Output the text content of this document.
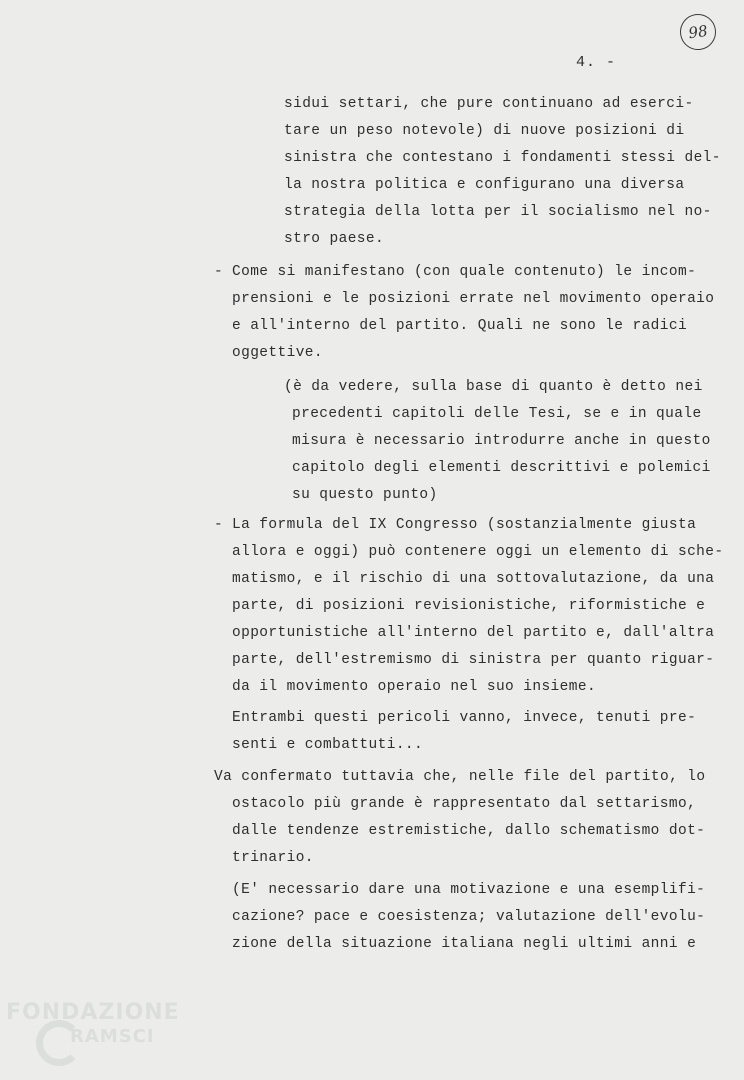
98
4. -
sidui settari, che pure continuano ad eserci-
tare un peso notevole) di nuove posizioni di
sinistra che contestano i fondamenti stessi del-
la nostra politica e configurano una diversa
strategia della lotta per il socialismo nel no-
stro paese.
- Come si manifestano (con quale contenuto) le incom-
prensioni e le posizioni errate nel movimento operaio
e all'interno del partito. Quali ne sono le radici
oggettive.
(è da vedere, sulla base di quanto è detto nei
precedenti capitoli delle Tesi, se e in quale
misura è necessario introdurre anche in questo
capitolo degli elementi descrittivi e polemici
su questo punto)
- La formula del IX Congresso (sostanzialmente giusta
allora e oggi) può contenere oggi un elemento di sche-
matismo, e il rischio di una sottovalutazione, da una
parte, di posizioni revisionistiche, riformistiche e
opportunistiche all'interno del partito e, dall'altra
parte, dell'estremismo di sinistra per quanto riguar-
da il movimento operaio nel suo insieme.
Entrambi questi pericoli vanno, invece, tenuti pre-
senti e combattuti...
Va confermato tuttavia che, nelle file del partito, lo
ostacolo più grande è rappresentato dal settarismo,
dalle tendenze estremistiche, dallo schematismo dot-
trinario.
(E' necessario dare una motivazione e una esemplifi-
cazione? pace e coesistenza; valutazione dell'evolu-
zione della situazione italiana negli ultimi anni e
FONDAZIONE
RAMSCI
